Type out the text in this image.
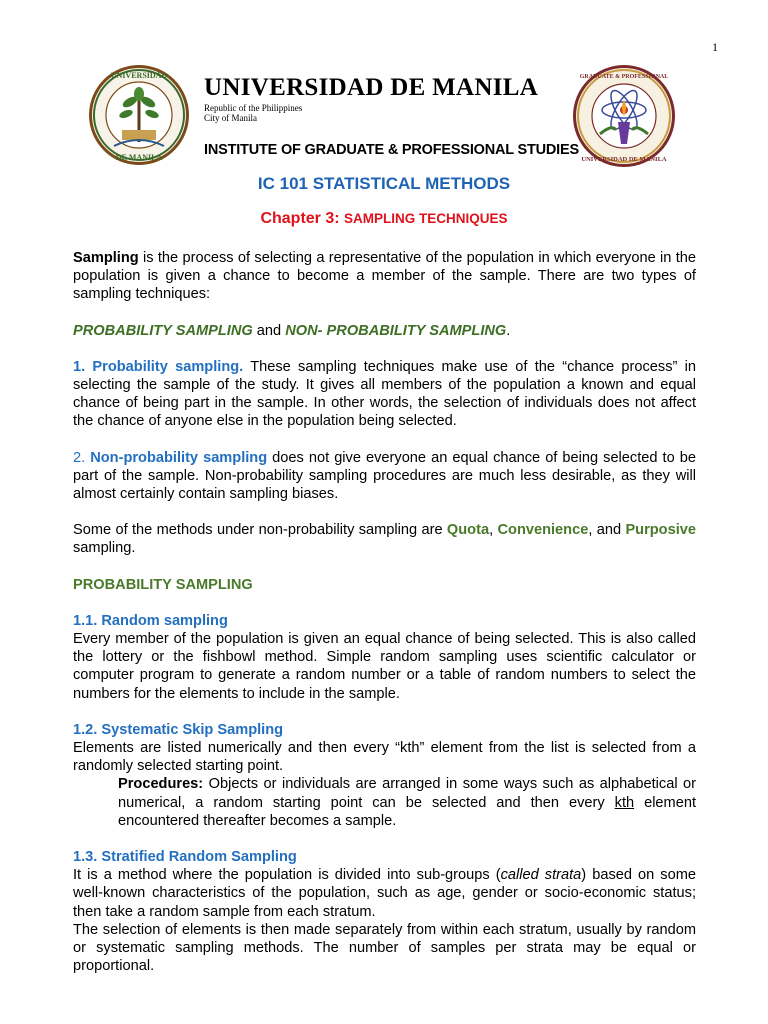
1
UNIVERSIDAD
DE MANILA
UNIVERSIDAD DE MANILA
Republic of the Philippines
City of Manila
INSTITUTE OF GRADUATE & PROFESSIONAL STUDIES
GRADUATE & PROFESSIONAL
UNIVERSIDAD DE MANILA
IC 101 STATISTICAL METHODS
Chapter 3: SAMPLING TECHNIQUES

Sampling is the process of selecting a representative of the population in which everyone in the population is given a chance to become a member of the sample. There are two types of sampling techniques:

PROBABILITY SAMPLING and NON- PROBABILITY SAMPLING.

1. Probability sampling. These sampling techniques make use of the “chance process” in selecting the sample of the study. It gives all members of the population a known and equal chance of being part in the sample. In other words, the selection of individuals does not affect the chance of anyone else in the population being selected.

2. Non-probability sampling does not give everyone an equal chance of being selected to be part of the sample. Non-probability sampling procedures are much less desirable, as they will almost certainly contain sampling biases.

Some of the methods under non-probability sampling are Quota, Convenience, and Purposive sampling.

PROBABILITY SAMPLING

1.1. Random sampling

Every member of the population is given an equal chance of being selected. This is also called the lottery or the fishbowl method. Simple random sampling uses scientific calculator or computer program to generate a random number or a table of random numbers to select the numbers for the elements to include in the sample.

1.2. Systematic Skip Sampling

Elements are listed numerically and then every “kth” element from the list is selected from a randomly selected starting point.

Procedures: Objects or individuals are arranged in some ways such as alphabetical or numerical, a random starting point can be selected and then every kth element encountered thereafter becomes a sample.

1.3. Stratified Random Sampling

It is a method where the population is divided into sub-groups (called strata) based on some well-known characteristics of the population, such as age, gender or socio-economic status; then take a random sample from each stratum.

The selection of elements is then made separately from within each stratum, usually by random or systematic sampling methods. The number of samples per strata may be equal or proportional.
